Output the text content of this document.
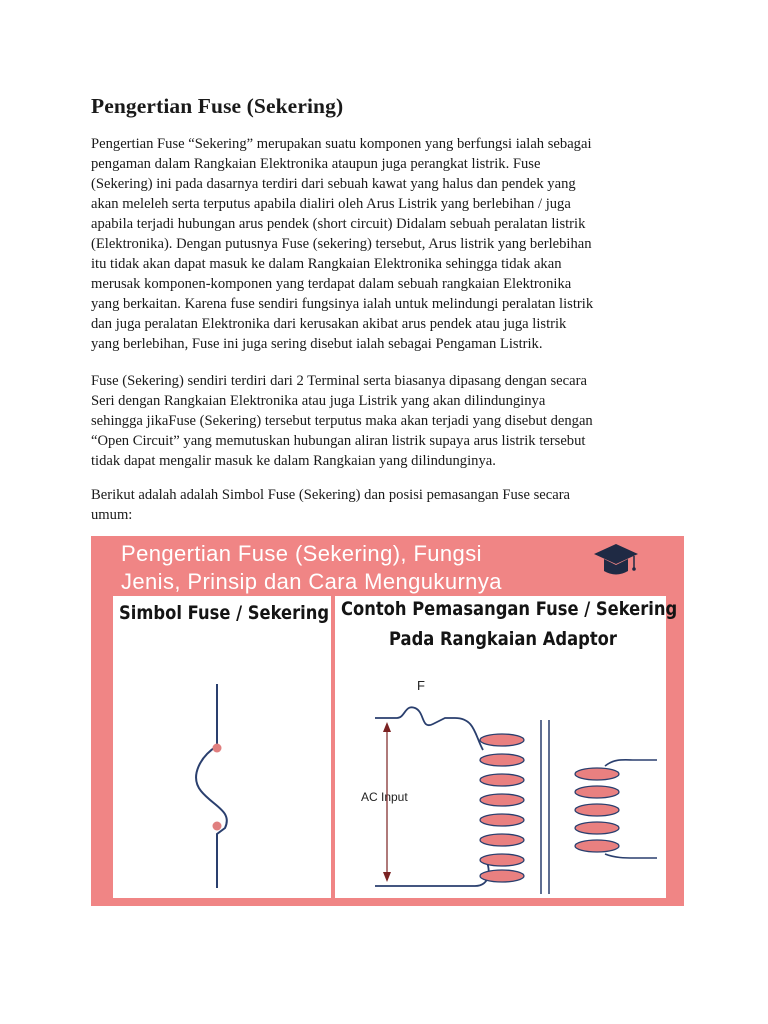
Pengertian Fuse (Sekering)

Pengertian Fuse “Sekering” merupakan suatu komponen yang berfungsi ialah sebagai
pengaman dalam Rangkaian Elektronika ataupun juga perangkat listrik. Fuse
(Sekering) ini pada dasarnya terdiri dari sebuah kawat yang halus dan pendek yang
akan meleleh serta terputus apabila dialiri oleh Arus Listrik yang berlebihan / juga
apabila terjadi hubungan arus pendek (short circuit) Didalam sebuah peralatan listrik
(Elektronika). Dengan putusnya Fuse (sekering) tersebut, Arus listrik yang berlebihan
itu tidak akan dapat masuk ke dalam Rangkaian Elektronika sehingga tidak akan
merusak komponen-komponen yang terdapat dalam sebuah rangkaian Elektronika
yang berkaitan. Karena fuse sendiri fungsinya ialah untuk melindungi peralatan listrik
dan juga peralatan Elektronika dari kerusakan akibat arus pendek atau juga listrik
yang berlebihan, Fuse ini juga sering disebut ialah sebagai Pengaman Listrik.

Fuse (Sekering) sendiri terdiri dari 2 Terminal serta biasanya dipasang dengan secara
Seri dengan Rangkaian Elektronika atau juga Listrik yang akan dilindunginya
sehingga jikaFuse (Sekering) tersebut terputus maka akan terjadi yang disebut dengan
“Open Circuit” yang memutuskan hubungan aliran listrik supaya arus listrik tersebut
tidak dapat mengalir masuk ke dalam Rangkaian yang dilindunginya.

Berikut adalah adalah Simbol Fuse (Sekering) dan posisi pemasangan Fuse secara
umum:

Pengertian Fuse (Sekering), Fungsi
Jenis, Prinsip dan Cara Mengukurnya
Simbol Fuse / Sekering Contoh Pemasangan Fuse / Sekering
Pada Rangkaian Adaptor
F
AC Input
